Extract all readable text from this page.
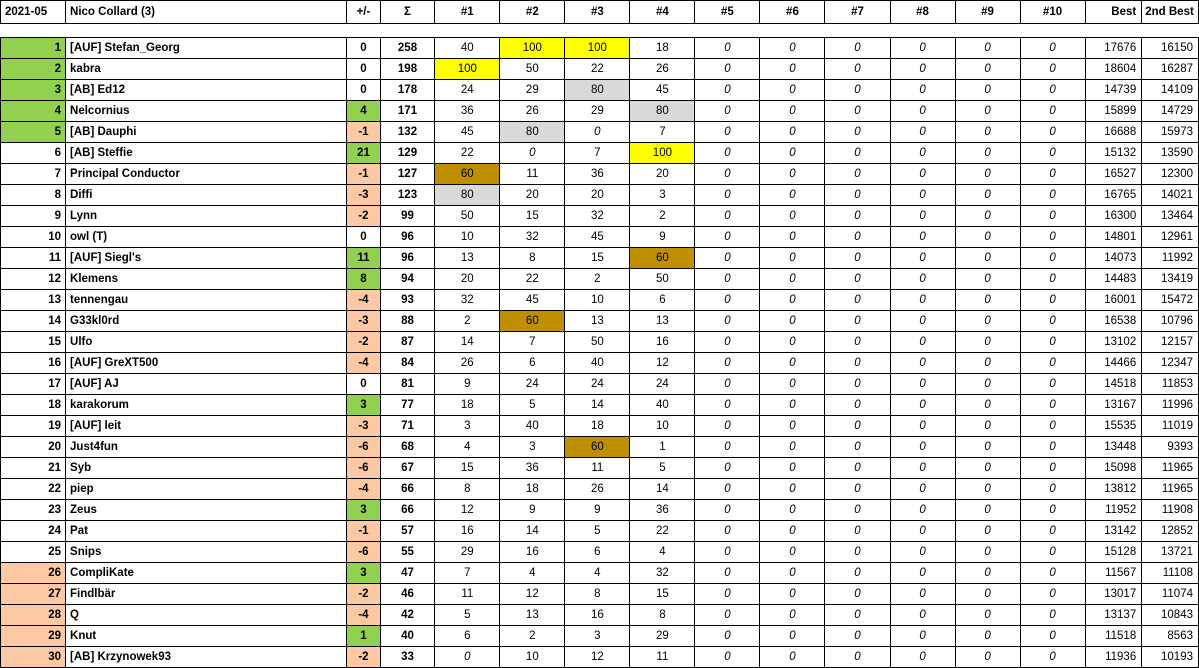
2021-05	Nico Collard (3)	+/-	Σ	#1	#2	#3	#4	#5	#6	#7	#8	#9	#10	Best	2nd Best

1	[AUF] Stefan_Georg	0	258	40	100	100	18	0	0	0	0	0	0	17676	16150
2	kabra	0	198	100	50	22	26	0	0	0	0	0	0	18604	16287
3	[AB] Ed12	0	178	24	29	80	45	0	0	0	0	0	0	14739	14109
4	Nelcornius	4	171	36	26	29	80	0	0	0	0	0	0	15899	14729
5	[AB] Dauphi	-1	132	45	80	0	7	0	0	0	0	0	0	16688	15973
6	[AB] Steffie	21	129	22	0	7	100	0	0	0	0	0	0	15132	13590
7	Principal Conductor	-1	127	60	11	36	20	0	0	0	0	0	0	16527	12300
8	Diffi	-3	123	80	20	20	3	0	0	0	0	0	0	16765	14021
9	Lynn	-2	99	50	15	32	2	0	0	0	0	0	0	16300	13464
10	owl (T)	0	96	10	32	45	9	0	0	0	0	0	0	14801	12961
11	[AUF] Siegl's	11	96	13	8	15	60	0	0	0	0	0	0	14073	11992
12	Klemens	8	94	20	22	2	50	0	0	0	0	0	0	14483	13419
13	tennengau	-4	93	32	45	10	6	0	0	0	0	0	0	16001	15472
14	G33kl0rd	-3	88	2	60	13	13	0	0	0	0	0	0	16538	10796
15	Ulfo	-2	87	14	7	50	16	0	0	0	0	0	0	13102	12157
16	[AUF] GreXT500	-4	84	26	6	40	12	0	0	0	0	0	0	14466	12347
17	[AUF] AJ	0	81	9	24	24	24	0	0	0	0	0	0	14518	11853
18	karakorum	3	77	18	5	14	40	0	0	0	0	0	0	13167	11996
19	[AUF] leit	-3	71	3	40	18	10	0	0	0	0	0	0	15535	11019
20	Just4fun	-6	68	4	3	60	1	0	0	0	0	0	0	13448	9393
21	Syb	-6	67	15	36	11	5	0	0	0	0	0	0	15098	11965
22	piep	-4	66	8	18	26	14	0	0	0	0	0	0	13812	11965
23	Zeus	3	66	12	9	9	36	0	0	0	0	0	0	11952	11908
24	Pat	-1	57	16	14	5	22	0	0	0	0	0	0	13142	12852
25	Snips	-6	55	29	16	6	4	0	0	0	0	0	0	15128	13721
26	CompliKate	3	47	7	4	4	32	0	0	0	0	0	0	11567	11108
27	Findlbär	-2	46	11	12	8	15	0	0	0	0	0	0	13017	11074
28	Q	-4	42	5	13	16	8	0	0	0	0	0	0	13137	10843
29	Knut	1	40	6	2	3	29	0	0	0	0	0	0	11518	8563
30	[AB] Krzynowek93	-2	33	0	10	12	11	0	0	0	0	0	0	11936	10193
